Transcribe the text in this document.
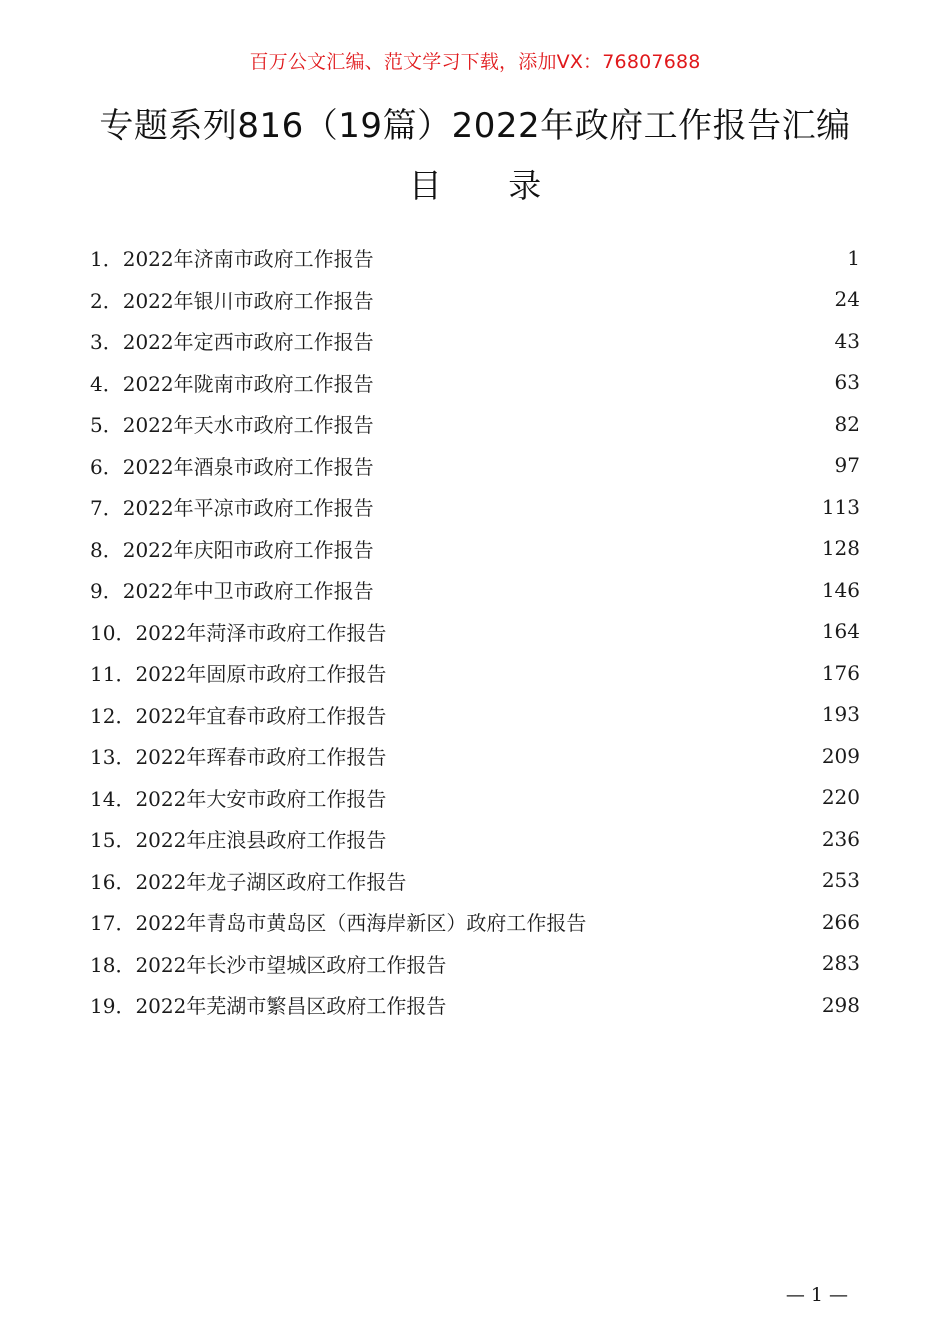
百万公文汇编、范文学习下载，添加VX：76807688
专题系列816（19篇）2022年政府工作报告汇编
目 录
1．2022年济南市政府工作报告	1
2．2022年银川市政府工作报告	24
3．2022年定西市政府工作报告	43
4．2022年陇南市政府工作报告	63
5．2022年天水市政府工作报告	82
6．2022年酒泉市政府工作报告	97
7．2022年平凉市政府工作报告	113
8．2022年庆阳市政府工作报告	128
9．2022年中卫市政府工作报告	146
10．2022年菏泽市政府工作报告	164
11．2022年固原市政府工作报告	176
12．2022年宜春市政府工作报告	193
13．2022年珲春市政府工作报告	209
14．2022年大安市政府工作报告	220
15．2022年庄浪县政府工作报告	236
16．2022年龙子湖区政府工作报告	253
17．2022年青岛市黄岛区（西海岸新区）政府工作报告	266
18．2022年长沙市望城区政府工作报告	283
19．2022年芜湖市繁昌区政府工作报告	298
— 1 —
